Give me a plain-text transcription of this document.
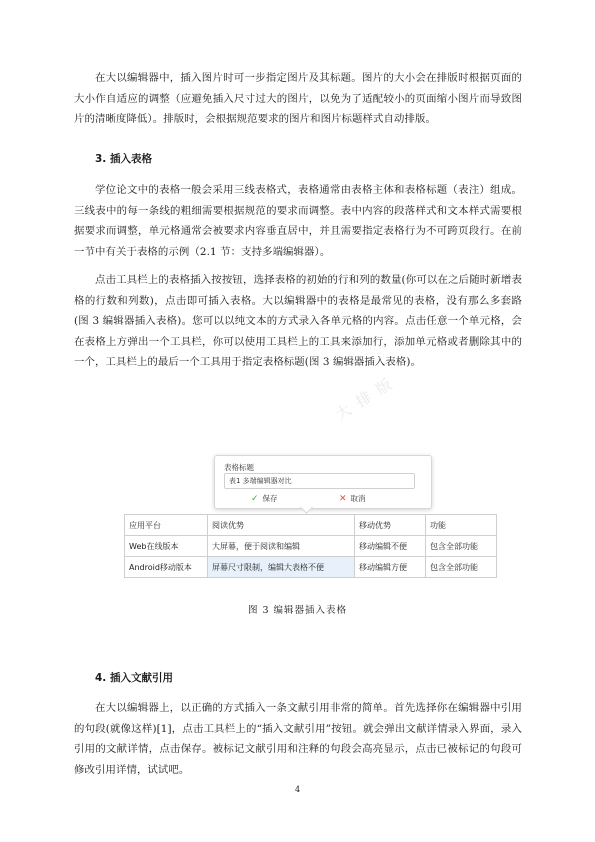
在大以编辑器中，插入图片时可一步指定图片及其标题。图片的大小会在排版时根据页面的大小作自适应的调整（应避免插入尺寸过大的图片，以免为了适配较小的页面缩小图片而导致图片的清晰度降低）。排版时，会根据规范要求的图片和图片标题样式自动排版。

3. 插入表格

学位论文中的表格一般会采用三线表格式，表格通常由表格主体和表格标题（表注）组成。三线表中的每一条线的粗细需要根据规范的要求而调整。表中内容的段落样式和文本样式需要根据要求而调整，单元格通常会被要求内容垂直居中，并且需要指定表格行为不可跨页段行。在前一节中有关于表格的示例（2.1 节：支持多端编辑器）。

点击工具栏上的表格插入按按钮，选择表格的初始的行和列的数量(你可以在之后随时新增表格的行数和列数)，点击即可插入表格。大以编辑器中的表格是最常见的表格，没有那么多套路(图 3 编辑器插入表格)。您可以以纯文本的方式录入各单元格的内容。点击任意一个单元格，会在表格上方弹出一个工具栏，你可以使用工具栏上的工具来添加行，添加单元格或者删除其中的一个，工具栏上的最后一个工具用于指定表格标题(图 3 编辑器插入表格)。

大 排 版
表格标题
表1 多端编辑器对比
✓ 保存	✕ 取消
应用平台	阅读优势	移动优势	功能
Web在线版本	大屏幕，便于阅读和编辑	移动编辑不便	包含全部功能
Android移动版本	屏幕尺寸限制，编辑大表格不便	移动编辑方便	包含全部功能
图 3 编辑器插入表格

4. 插入文献引用

在大以编辑器上，以正确的方式插入一条文献引用非常的简单。首先选择你在编辑器中引用的句段(就像这样)[1]，点击工具栏上的“插入文献引用”按钮。就会弹出文献详情录入界面，录入引用的文献详情，点击保存。被标记文献引用和注释的句段会高亮显示，点击已被标记的句段可修改引用详情，试试吧。

4
